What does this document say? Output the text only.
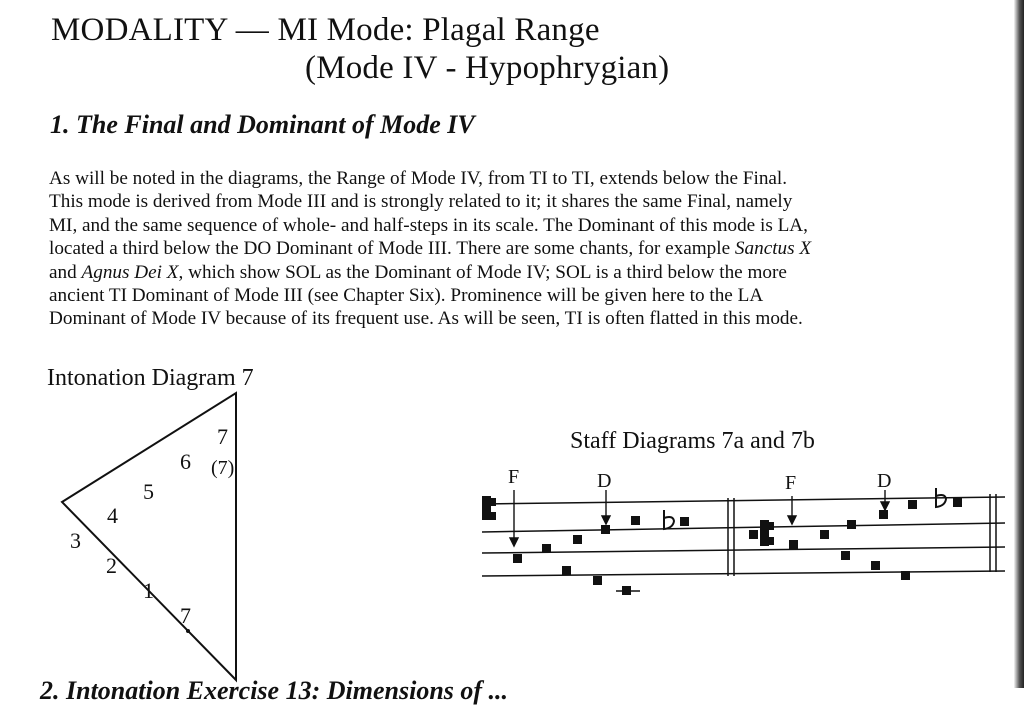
MODALITY — MI Mode: Plagal Range
(Mode IV - Hypophrygian)
1. The Final and Dominant of Mode IV
As will be noted in the diagrams, the Range of Mode IV, from TI to TI, extends below the Final.
This mode is derived from Mode III and is strongly related to it; it shares the same Final, namely
MI, and the same sequence of whole- and half-steps in its scale. The Dominant of this mode is LA,
located a third below the DO Dominant of Mode III. There are some chants, for example Sanctus X
and Agnus Dei X, which show SOL as the Dominant of Mode IV; SOL is a third below the more
ancient TI Dominant of Mode III (see Chapter Six). Prominence will be given here to the LA
Dominant of Mode IV because of its frequent use. As will be seen, TI is often flatted in this mode.
Intonation Diagram 7
3
4
2
5
1
6
7
(7)
7
Staff Diagrams 7a and 7b
F	D	F	D
2. Intonation Exercise 13: Dimensions of ...
